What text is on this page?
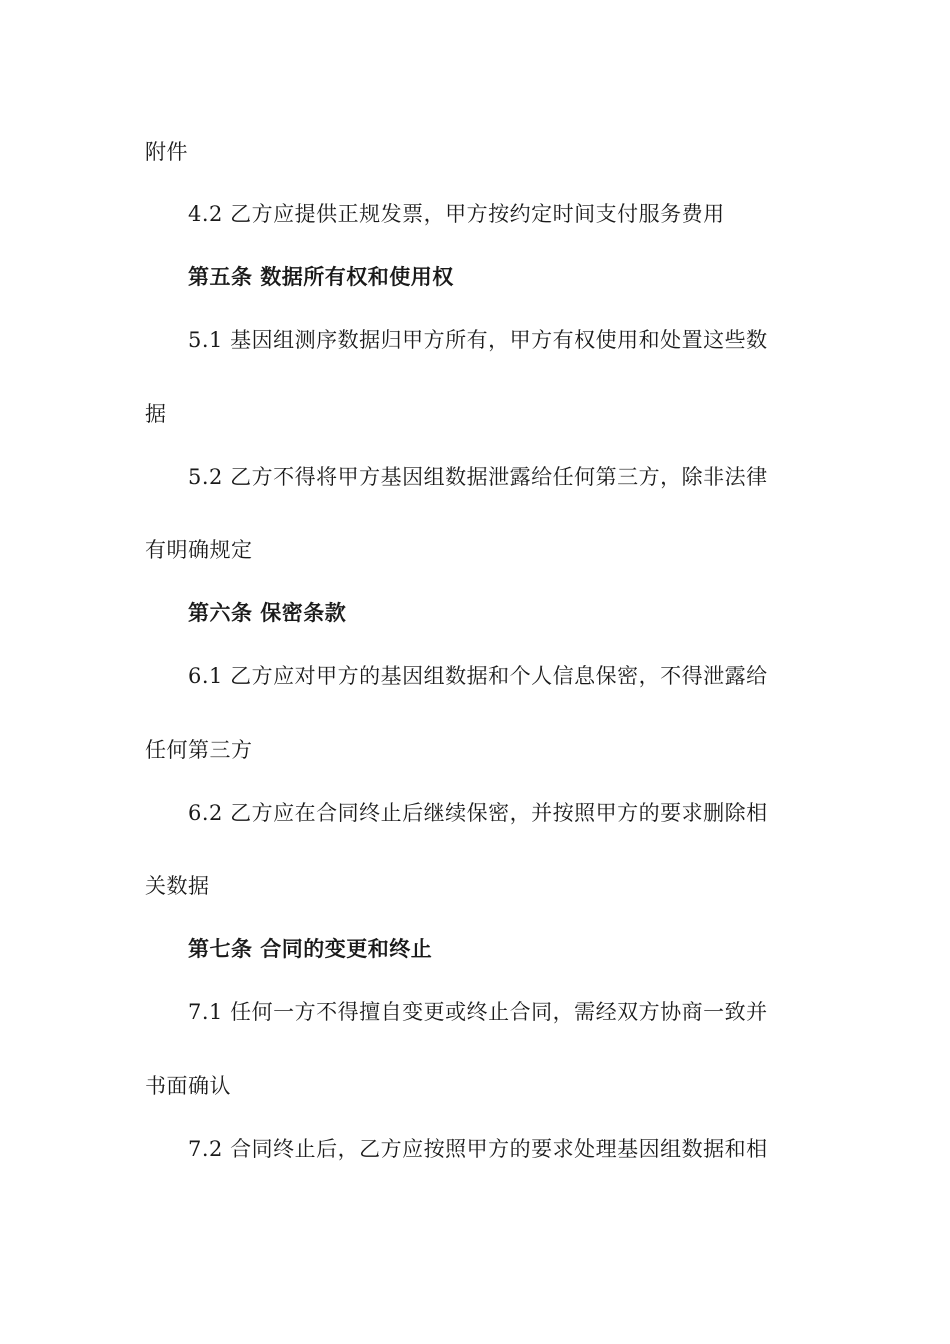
附件
4.2 乙方应提供正规发票，甲方按约定时间支付服务费用
第五条 数据所有权和使用权
5.1 基因组测序数据归甲方所有，甲方有权使用和处置这些数
据
5.2 乙方不得将甲方基因组数据泄露给任何第三方，除非法律
有明确规定
第六条 保密条款
6.1 乙方应对甲方的基因组数据和个人信息保密，不得泄露给
任何第三方
6.2 乙方应在合同终止后继续保密，并按照甲方的要求删除相
关数据
第七条 合同的变更和终止
7.1 任何一方不得擅自变更或终止合同，需经双方协商一致并
书面确认
7.2 合同终止后，乙方应按照甲方的要求处理基因组数据和相
